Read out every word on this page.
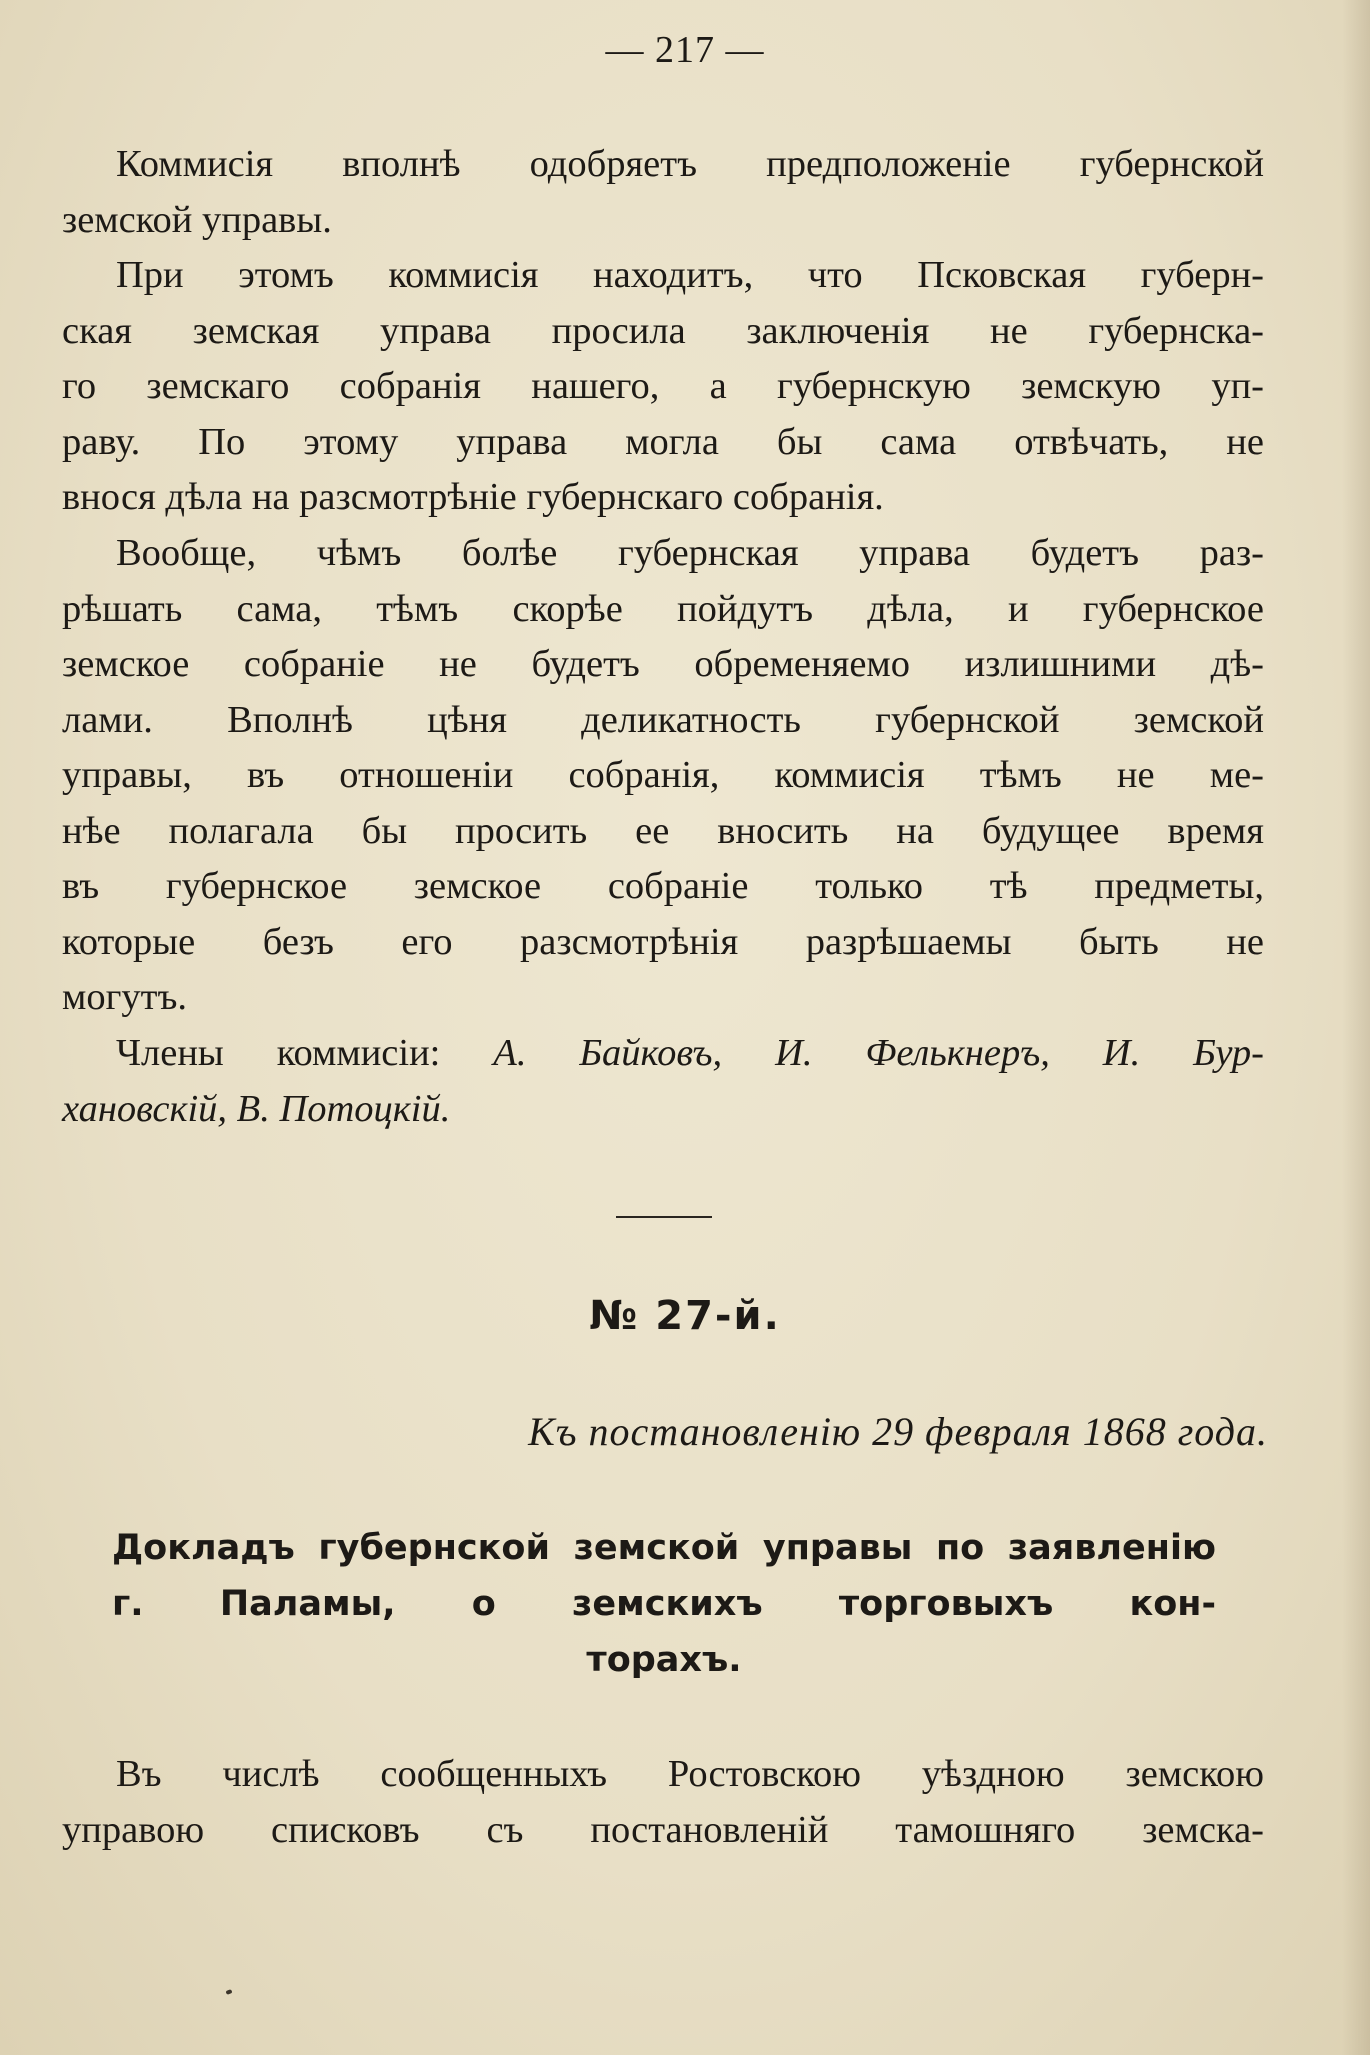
— 217 —
Коммисія вполнѣ одобряетъ предположеніе губернской
земской управы.
При этомъ коммисія находитъ, что Псковская губерн-
ская земская управа просила заключенія не губернска-
го земскаго собранія нашего, а губернскую земскую уп-
раву. По этому управа могла бы сама отвѣчать, не
внося дѣла на разсмотрѣніе губернскаго собранія.
Вообще, чѣмъ болѣе губернская управа будетъ раз-
рѣшать сама, тѣмъ скорѣе пойдутъ дѣла, и губернское
земское собраніе не будетъ обременяемо излишними дѣ-
лами. Вполнѣ цѣня деликатность губернской земской
управы, въ отношеніи собранія, коммисія тѣмъ не ме-
нѣе полагала бы просить ее вносить на будущее время
въ губернское земское собраніе только тѣ предметы,
которые безъ его разсмотрѣнія разрѣшаемы быть не
могутъ.
Члены коммисіи: А. Байковъ, И. Фелькнеръ, И. Бур-
хановскій, В. Потоцкій.
№ 27-й.
Къ постановленію 29 февраля 1868 года.
Докладъ губернской земской управы по заявленію
г. Паламы, о земскихъ торговыхъ кон-
торахъ.
Въ числѣ сообщенныхъ Ростовскою уѣздною земскою
управою списковъ съ постановленій тамошняго земска-
